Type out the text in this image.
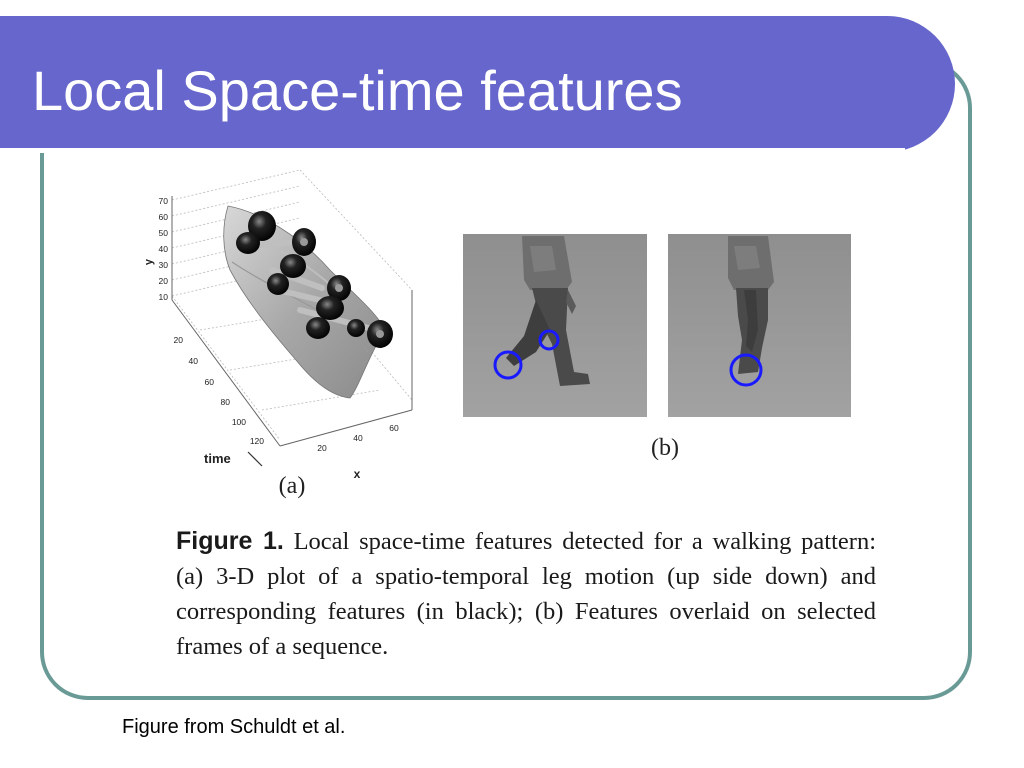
Local Space-time features
70
60
50
40
30
20
10
y
20
40
60
80
100
120
time
20
40
60
x
(a)
(b)
Figure 1. Local space-time features detected for a walking pattern: (a) 3-D plot of a spatio-temporal leg motion (up side down) and corresponding features (in black); (b) Features overlaid on selected frames of a sequence.
Figure from Schuldt et al.
